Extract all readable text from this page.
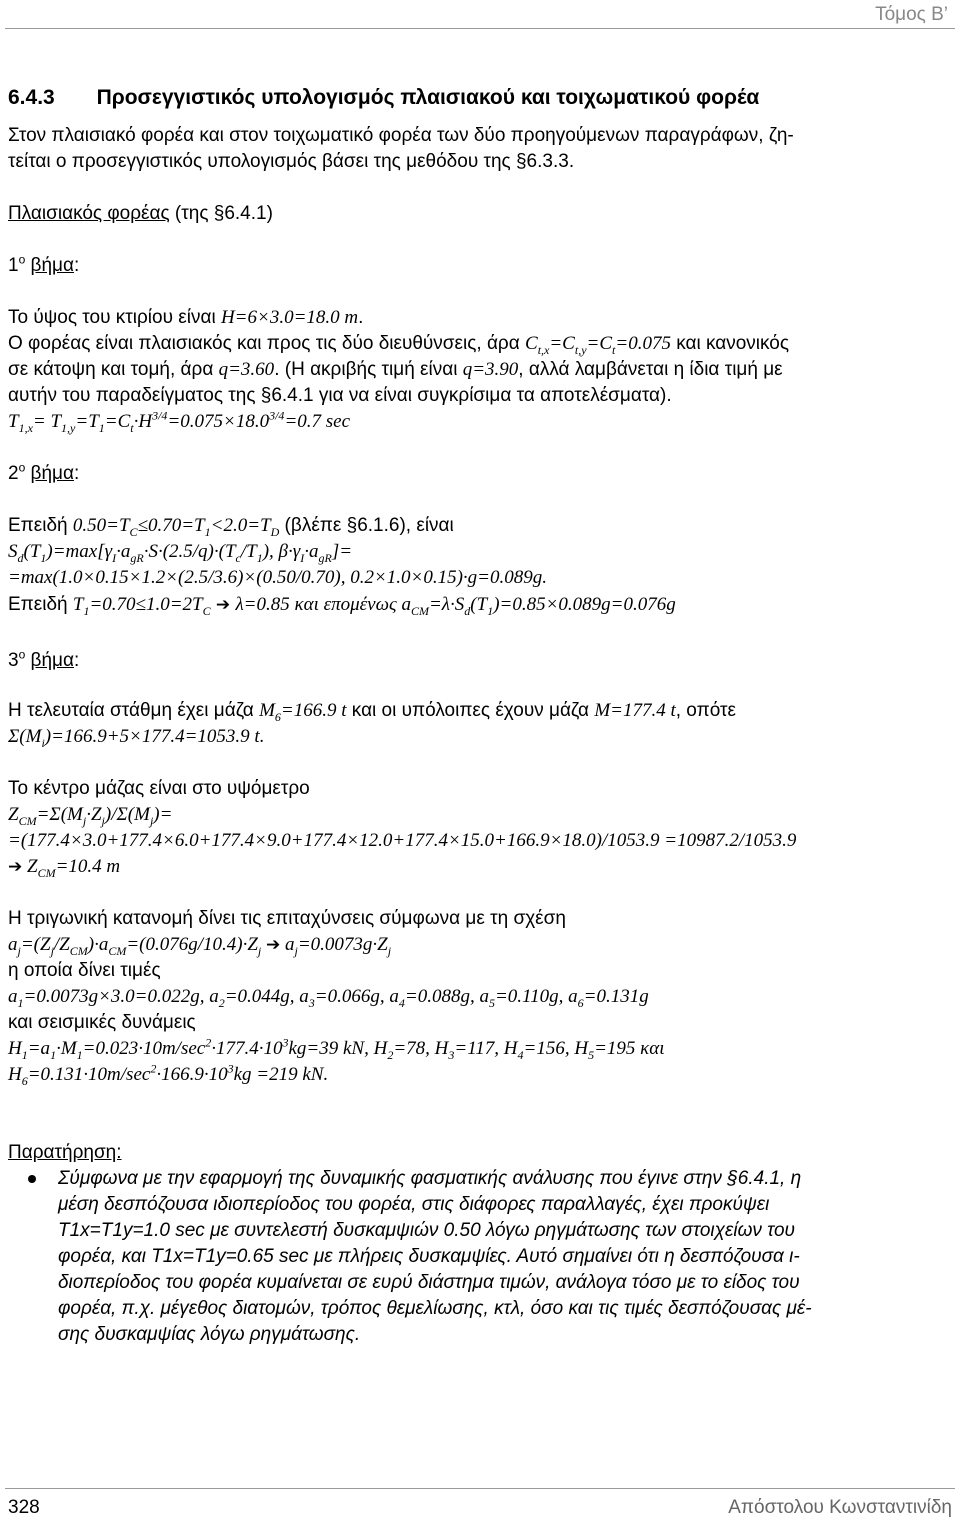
Τόμος Β’
6.4.3 Προσεγγιστικός υπολογισμός πλαισιακού και τοιχωματικού φορέα
Στον πλαισιακό φορέα και στον τοιχωματικό φορέα των δύο προηγούμενων παραγράφων, ζη-
τείται ο προσεγγιστικός υπολογισμός βάσει της μεθόδου της §6.3.3.
Πλαισιακός φορέας (της §6.4.1)
$1^o$ βήμα:
Το ύψος του κτιρίου είναι H=6×3.0=18.0 m.
Ο φορέας είναι πλαισιακός και προς τις δύο διευθύνσεις, άρα $C_{t,x}=C_{t,y}=C_t=0.075$ και κανονικός
σε κάτοψη και τομή, άρα q=3.60. (Η ακριβής τιμή είναι q=3.90, αλλά λαμβάνεται η ίδια τιμή με
αυτήν του παραδείγματος της §6.4.1 για να είναι συγκρίσιμα τα αποτελέσματα).
$T_{1,x}= T_{1,y}=T_1=C_t\cdot H^{3/4}=0.075\times 18.0^{3/4}=0.7$ sec
$2^o$ βήμα:
Επειδή $0.50=T_C\le 0.70=T_1<2.0=T_D$ (βλέπε §6.1.6), είναι
$S_d(T_1)=\max[\gamma_I\cdot a_{gR}\cdot S\cdot(2.5/q)\cdot(T_c/T_1)$, $\beta\cdot\gamma_I\cdot a_{gR}]=$
=max(1.0×0.15×1.2×(2.5/3.6)×(0.50/0.70), 0.2×1.0×0.15)·g=0.089g.
Επειδή $T_1=0.70\le 1.0=2T_C$ ➔ λ=0.85 και επομένως $a_{CM}=\lambda\cdot S_d(T_1)=0.85\times 0.089g=0.076g$
$3^o$ βήμα:
Η τελευταία στάθμη έχει μάζα $M_6=166.9$ t και οι υπόλοιπες έχουν μάζα M=177.4 t, οπότε
$\Sigma(M_i)=166.9+5\times 177.4=1053.9$ t.
Το κέντρο μάζας είναι στο υψόμετρο
$Z_{CM}=\Sigma(M_j\cdot Z_j)/\Sigma(M_j)=$
=(177.4×3.0+177.4×6.0+177.4×9.0+177.4×12.0+177.4×15.0+166.9×18.0)/1053.9 =10987.2/1053.9
➔ $Z_{CM}=10.4$ m
Η τριγωνική κατανομή δίνει τις επιταχύνσεις σύμφωνα με τη σχέση
$a_j=(Z_j/Z_{CM})\cdot a_{CM}=(0.076g/10.4)\cdot Z_j$ ➔ $a_j=0.0073g\cdot Z_j$
η οποία δίνει τιμές
$a_1=0.0073g\times 3.0=0.022g$, $a_2=0.044g$, $a_3=0.066g$, $a_4=0.088g$, $a_5=0.110g$, $a_6=0.131g$
και σεισμικές δυνάμεις
$H_1=a_1\cdot M_1=0.023\cdot 10m/\sec^2\cdot 177.4\cdot 10^3kg=39$ kN, $H_2=78$, $H_3=117$, $H_4=156$, $H_5=195$ και
$H_6=0.131\cdot 10m/\sec^2\cdot 166.9\cdot 10^3kg =219$ kN.
Παρατήρηση:
Σύμφωνα με την εφαρμογή της δυναμικής φασματικής ανάλυσης που έγινε στην §6.4.1, η
μέση δεσπόζουσα ιδιοπερίοδος του φορέα, στις διάφορες παραλλαγές, έχει προκύψει
T1x=T1y=1.0 sec με συντελεστή δυσκαμψιών 0.50 λόγω ρηγμάτωσης των στοιχείων του
φορέα, και T1x=T1y=0.65 sec με πλήρεις δυσκαμψίες. Αυτό σημαίνει ότι η δεσπόζουσα ι-
διοπερίοδος του φορέα κυμαίνεται σε ευρύ διάστημα τιμών, ανάλογα τόσο με το είδος του
φορέα, π.χ. μέγεθος διατομών, τρόπος θεμελίωσης, κτλ, όσο και τις τιμές δεσπόζουσας μέ-
σης δυσκαμψίας λόγω ρηγμάτωσης.
328	Απόστολου Κωνσταντινίδη
